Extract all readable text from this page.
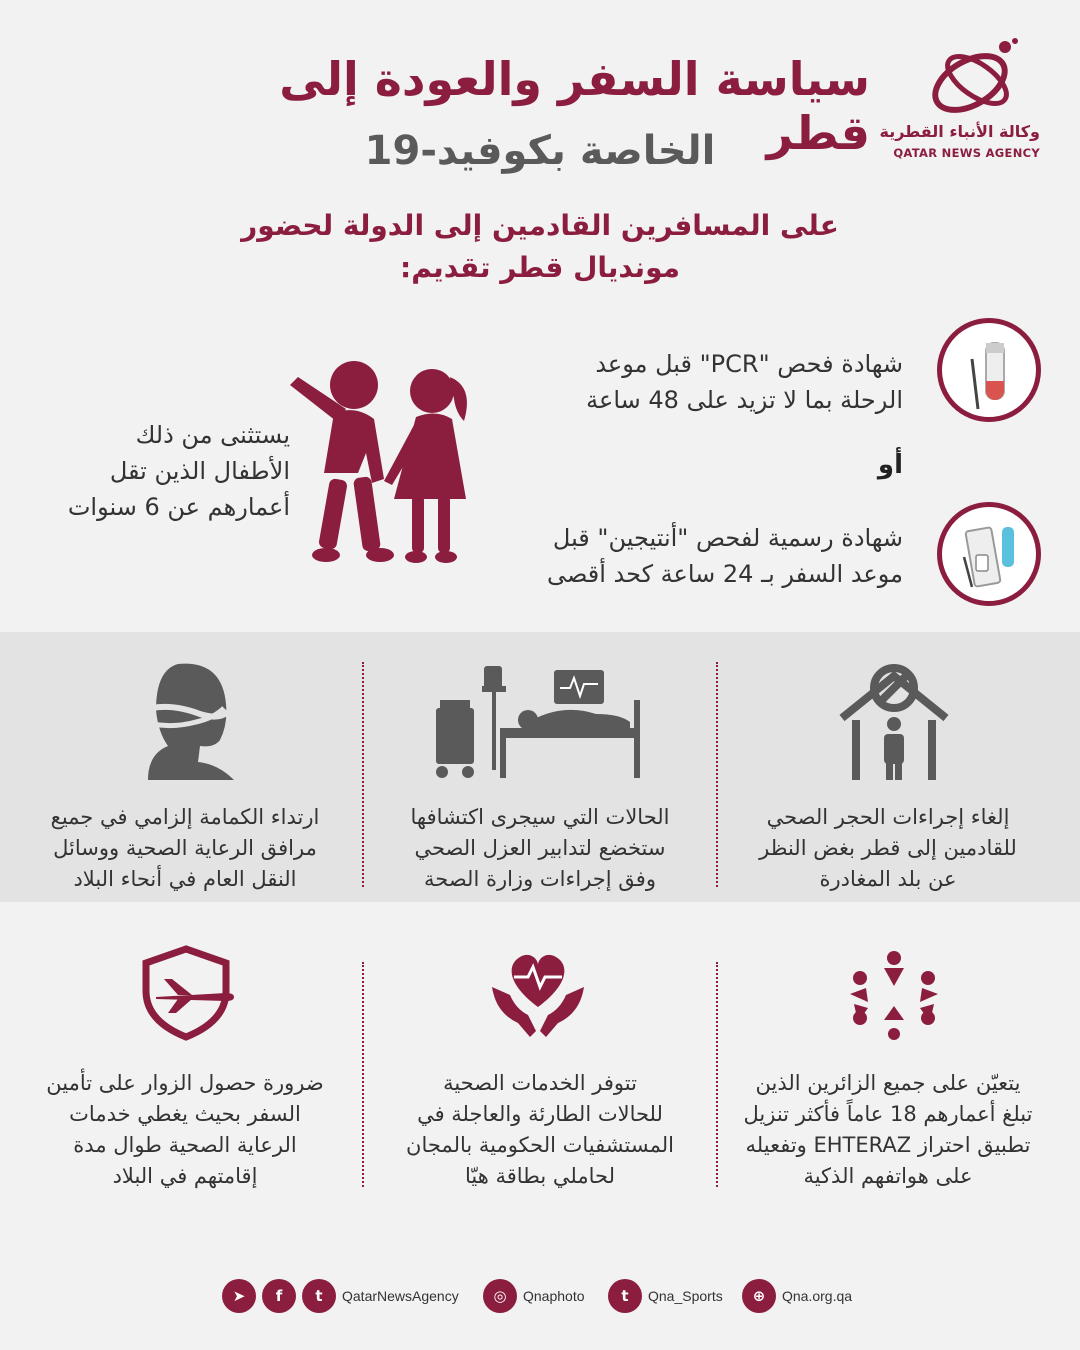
وكالة الأنباء القطرية
QATAR NEWS AGENCY
سياسة السفر والعودة إلى قطر
الخاصة بكوفيد-19
على المسافرين القادمين إلى الدولة لحضور
مونديال قطر تقديم:
شهادة فحص "PCR" قبل موعد
الرحلة بما لا تزيد على 48 ساعة
أو
شهادة رسمية لفحص "أنتيجين" قبل
موعد السفر بـ 24 ساعة كحد أقصى
يستثنى من ذلك
الأطفال الذين تقل
أعمارهم عن 6 سنوات
إلغاء إجراءات الحجر الصحي
للقادمين إلى قطر بغض النظر
عن بلد المغادرة
الحالات التي سيجرى اكتشافها
ستخضع لتدابير العزل الصحي
وفق إجراءات وزارة الصحة
ارتداء الكمامة إلزامي في جميع
مرافق الرعاية الصحية ووسائل
النقل العام في أنحاء البلاد
يتعيّن على جميع الزائرين الذين
تبلغ أعمارهم 18 عاماً فأكثر تنزيل
تطبيق احتراز EHTERAZ وتفعيله
على هواتفهم الذكية
تتوفر الخدمات الصحية
للحالات الطارئة والعاجلة في
المستشفيات الحكومية بالمجان
لحاملي بطاقة هيّا
ضرورة حصول الزوار على تأمين
السفر بحيث يغطي خدمات
الرعاية الصحية طوال مدة
إقامتهم في البلاد
➤	f	t	QatarNewsAgency	◎	Qnaphoto	t	Qna_Sports	⊕	Qna.org.qa
